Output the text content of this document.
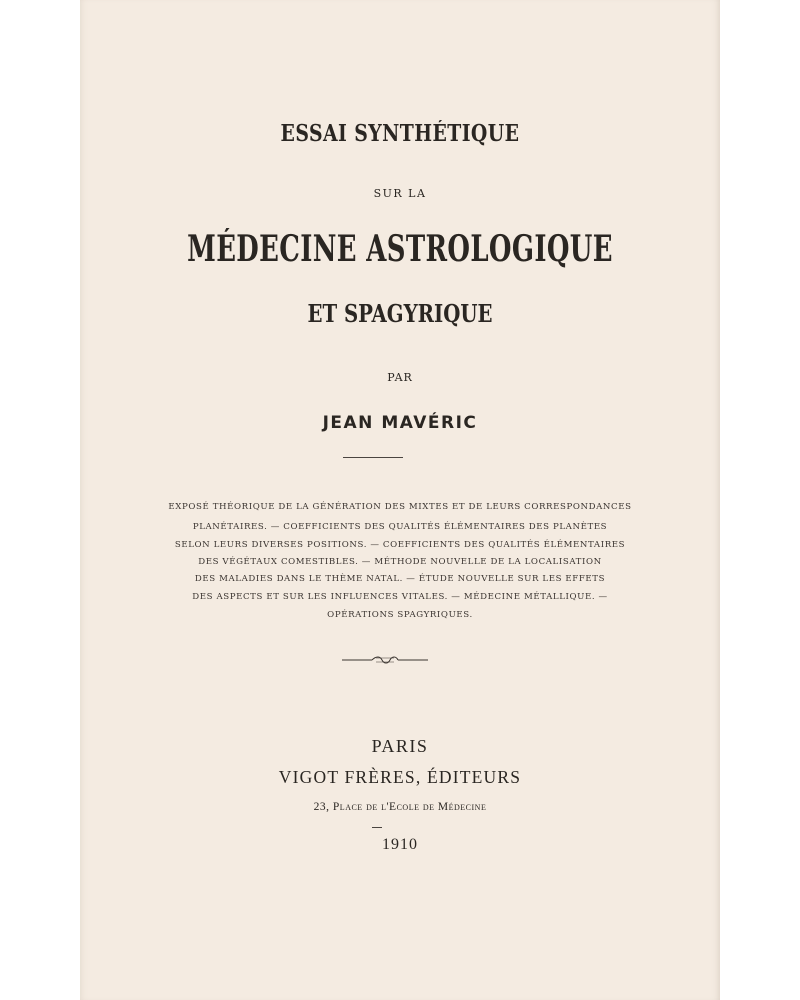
ESSAI SYNTHÉTIQUE
SUR LA
MÉDECINE ASTROLOGIQUE
ET SPAGYRIQUE
PAR
JEAN MAVÉRIC
EXPOSÉ THÉORIQUE DE LA GÉNÉRATION DES MIXTES ET DE LEURS CORRESPONDANCES
PLANÉTAIRES. — COEFFICIENTS DES QUALITÉS ÉLÉMENTAIRES DES PLANÈTES
SELON LEURS DIVERSES POSITIONS. — COEFFICIENTS DES QUALITÉS ÉLÉMENTAIRES
DES VÉGÉTAUX COMESTIBLES. — MÉTHODE NOUVELLE DE LA LOCALISATION
DES MALADIES DANS LE THÈME NATAL. — ÉTUDE NOUVELLE SUR LES EFFETS
DES ASPECTS ET SUR LES INFLUENCES VITALES. — MÉDECINE MÉTALLIQUE. —
OPÉRATIONS SPAGYRIQUES.
PARIS
VIGOT FRÈRES, ÉDITEURS
23, Place de l'Ecole de Médecine
1910
